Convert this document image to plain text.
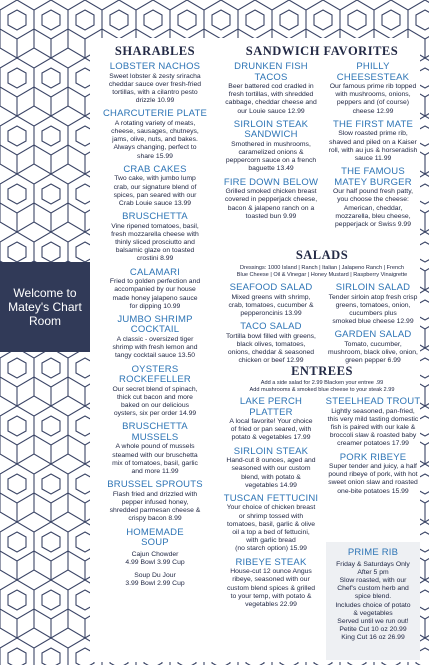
Welcome to Matey's Chart Room
SHARABLES	SANDWICH FAVORITES
SALADS
ENTREES
LOBSTER NACHOS
Sweet lobster & zesty sriracha
cheddar sauce over fresh-fried
tortillas, with a cilantro pesto
drizzle 10.99
CHARCUTERIE PLATE
A rotating variety of meats,
cheese, sausages, chutneys,
jams, olive, nuts, and bakes.
Always changing, perfect to
share 15.99
CRAB CAKES
Two cake, with jumbo lump
crab, our signature blend of
spices, pan seared with our
Crab Louie sauce 13.99
BRUSCHETTA
Vine ripened tomatoes, basil,
fresh mozzarella cheese with
thinly sliced prosciutto and
balsamic glaze on toasted
crostini 8.99
CALAMARI
Fried to golden perfection and
accompanied by our house
made honey jalapeno sauce
for dipping 10.99
JUMBO SHRIMP COCKTAIL
A classic - oversized tiger
shrimp with fresh lemon and
tangy cocktail sauce 13.50
OYSTERS ROCKEFELLER
Our secret blend of spinach,
thick cut bacon and more
baked on our delicious
oysters, six per order 14.99
BRUSCHETTA MUSSELS
A whole pound of mussels
steamed with our bruschetta
mix of tomatoes, basil, garlic
and more 11.99
BRUSSEL SPROUTS
Flash fried and drizzled with
pepper infused honey,
shredded parmesan cheese &
crispy bacon 8.99
HOMEMADE SOUP
Cajun Chowder
4.99 Bowl 3.99 Cup
Soup Du Jour
3.99 Bowl 2.99 Cup
DRUNKEN FISH TACOS
Beer battered cod cradled in
fresh tortillas, with shredded
cabbage, cheddar cheese and
our Louie sauce 12.99
SIRLOIN STEAK SANDWICH
Smothered in mushrooms,
caramelized onions &
peppercorn sauce on a french
baguette 13.49
FIRE DOWN BELOW
Grilled smoked chicken breast
covered in pepperjack cheese,
bacon & jalapeno ranch on a
toasted bun 9.99
PHILLY CHEESESTEAK
Our famous prime rib topped
with mushrooms, onions,
peppers and (of course)
cheese 12.99
THE FIRST MATE
Slow roasted prime rib,
shaved and piled on a Kaiser
roll, with au jus & horseradish
sauce 11.99
THE FAMOUS MATEY BURGER
Our half pound fresh patty,
you choose the cheese:
American, cheddar,
mozzarella, bleu cheese,
pepperjack or Swiss 9.99
Dressings: 1000 Island | Ranch | Italian | Jalapeno Ranch | French
Blue Cheese | Oil & Vinegar | Honey Mustard | Raspberry Vinaigrette
SEAFOOD SALAD
Mixed greens with shrimp,
crab, tomatoes, cucumber &
pepperoncinis 13.99
TACO SALAD
Tortilla bowl filled with greens,
black olives, tomatoes,
onions, cheddar & seasoned
chicken or beef 12.99
SIRLOIN SALAD
Tender sirloin atop fresh crisp
greens, tomatoes, onion,
cucumbers plus
smoked blue cheese 12.99
GARDEN SALAD
Tomato, cucumber,
mushroom, black olive, onion,
green pepper 6.99
Add a side salad for 2.99 Blacken your entree .99
Add mushrooms & smoked blue cheese to your steak 2.99
LAKE PERCH PLATTER
A local favorite! Your choice
of fried or pan seared, with
potato & vegetables 17.99
SIRLOIN STEAK
Hand-cut 8 ounces, aged and
seasoned with our custom
blend, with potato &
vegetables 14.99
TUSCAN FETTUCINI
Your choice of chicken breast
or shrimp tossed with
tomatoes, basil, garlic & olive
oil a top a bed of fettucini,
with garlic bread
(no starch option) 15.99
RIBEYE STEAK
House-cut 12 ounce Angus
ribeye, seasoned with our
custom blend spices & grilled
to your temp, with potato &
vegetables 22.99
STEELHEAD TROUT
Lightly seasoned, pan-fried,
this very mild tasting domestic
fish is paired with our kale &
broccoli slaw & roasted baby
creamer potatoes 17.99
PORK RIBEYE
Super tender and juicy, a half
pound ribeye of pork, with hot
sweet onion slaw and roasted
one-bite potatoes 15.99
PRIME RIB
Friday & Saturdays Only
After 5 pm
Slow roasted, with our
Chef's custom herb and
spice blend.
Includes choice of potato
& vegetables
Served until we run out!
Petite Cut 10 oz 20.99
King Cut 16 oz 26.99
